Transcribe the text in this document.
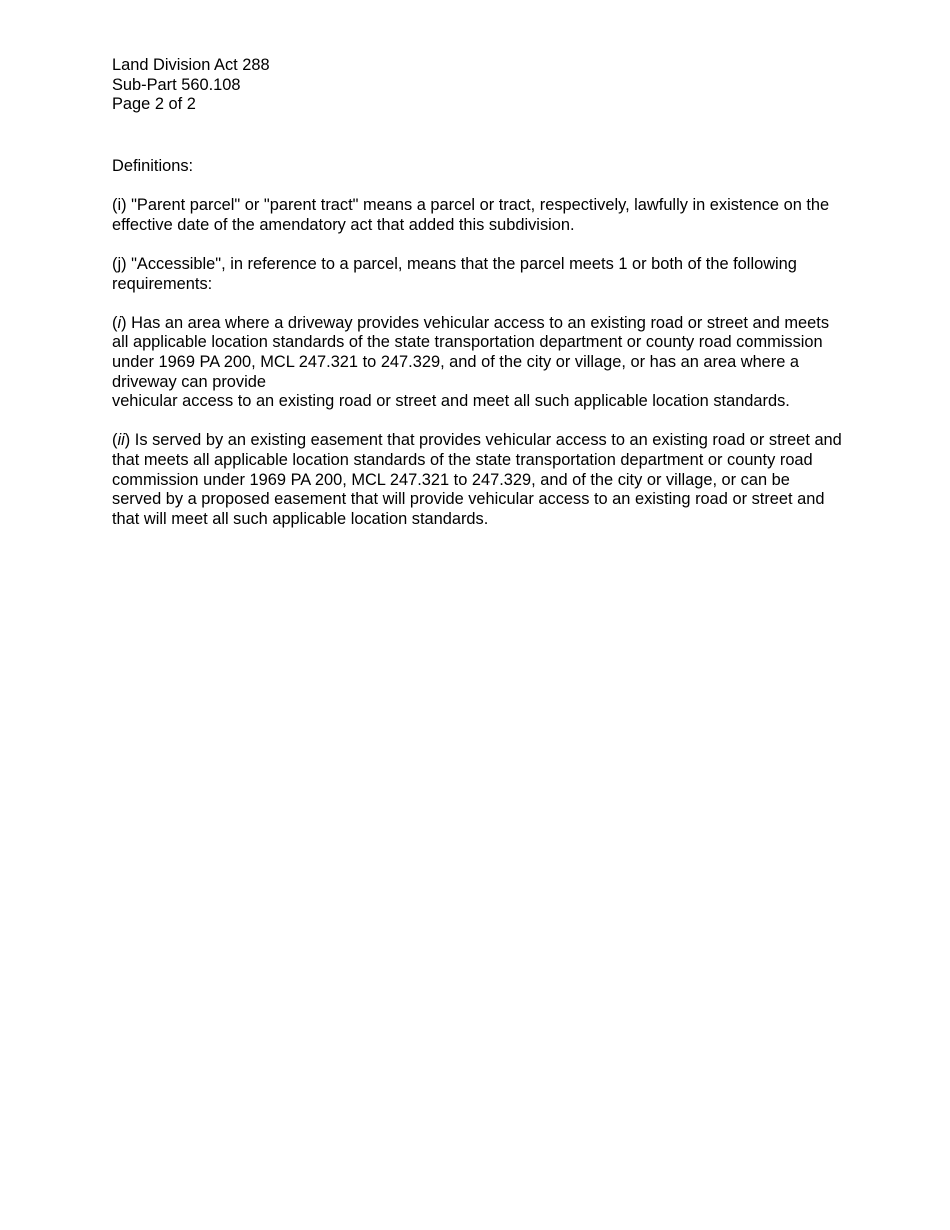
Land Division Act 288
Sub-Part 560.108
Page 2 of 2

Definitions:

(i) "Parent parcel" or "parent tract" means a parcel or tract, respectively, lawfully in existence on the effective date of the amendatory act that added this subdivision.

(j) "Accessible", in reference to a parcel, means that the parcel meets 1 or both of the following requirements:

(i) Has an area where a driveway provides vehicular access to an existing road or street and meets all applicable location standards of the state transportation department or county road commission under 1969 PA 200, MCL 247.321 to 247.329, and of the city or village, or has an area where a driveway can provide
vehicular access to an existing road or street and meet all such applicable location standards.

(ii) Is served by an existing easement that provides vehicular access to an existing road or street and that meets all applicable location standards of the state transportation department or county road commission under 1969 PA 200, MCL 247.321 to 247.329, and of the city or village, or can be served by a proposed easement that will provide vehicular access to an existing road or street and that will meet all such applicable location standards.
